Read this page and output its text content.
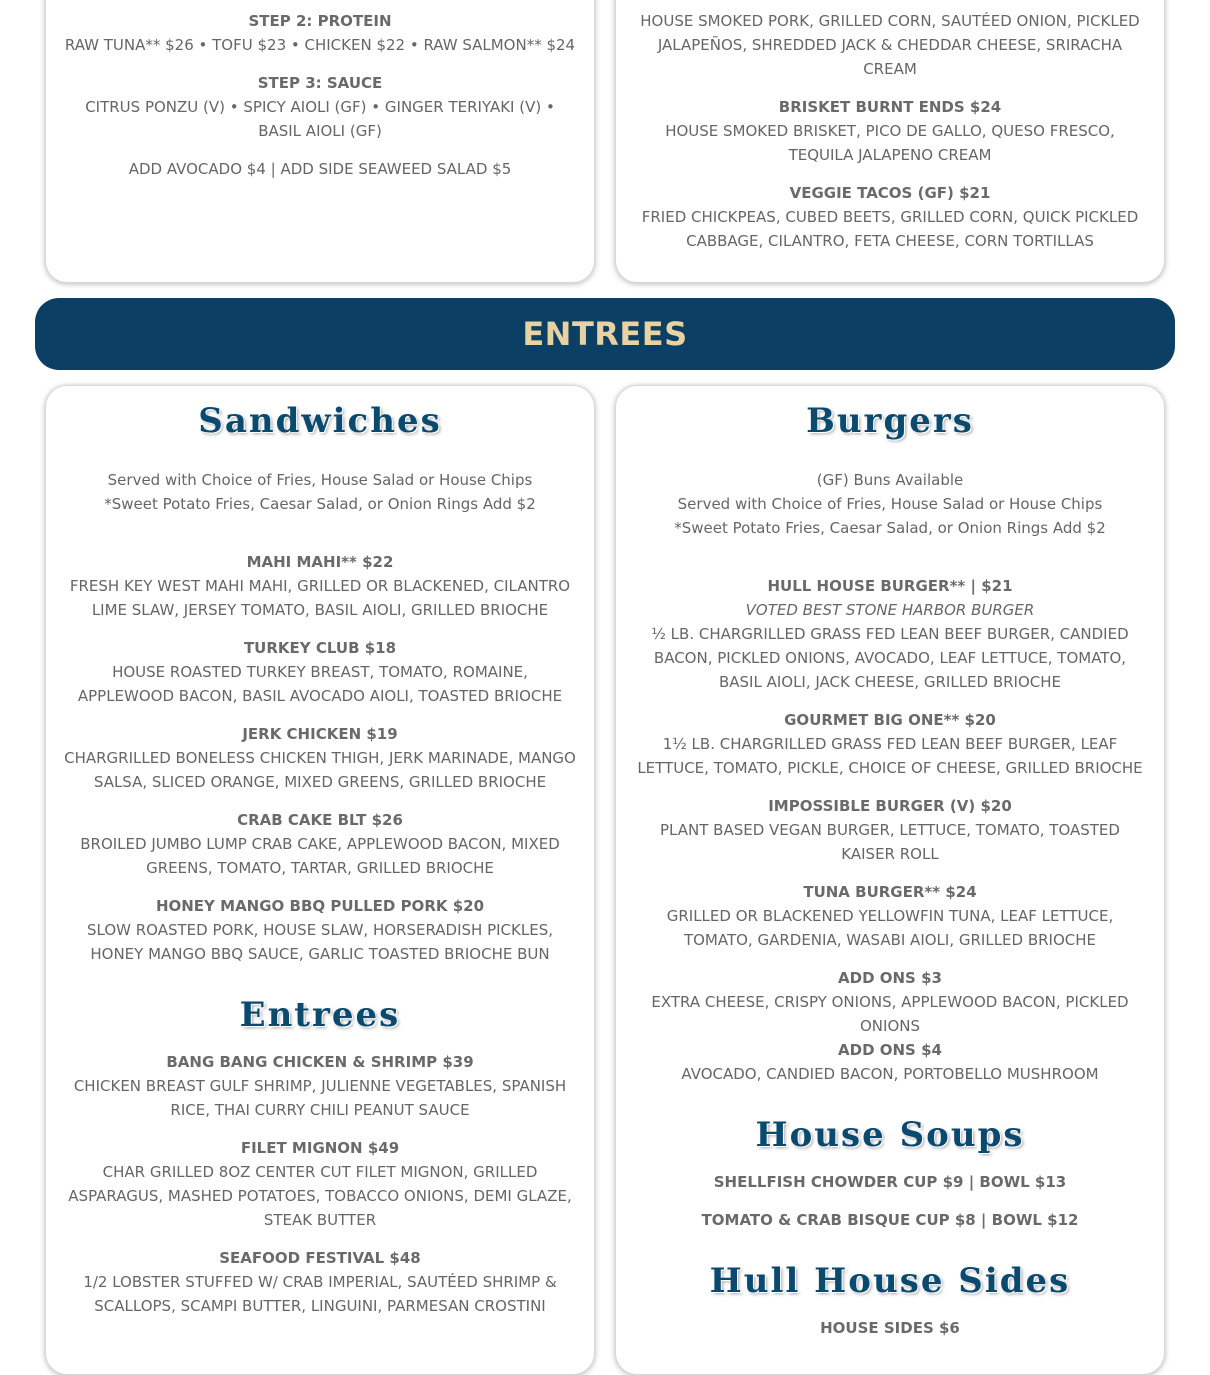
STEP 2: PROTEIN
RAW TUNA** $26 • TOFU $23 • CHICKEN $22 • RAW SALMON** $24
STEP 3: SAUCE
CITRUS PONZU (V) • SPICY AIOLI (GF) • GINGER TERIYAKI (V) • BASIL AIOLI (GF)
ADD AVOCADO $4 | ADD SIDE SEAWEED SALAD $5
HOUSE SMOKED PORK, GRILLED CORN, SAUTÉED ONION, PICKLED JALAPEÑOS, SHREDDED JACK & CHEDDAR CHEESE, SRIRACHA CREAM
BRISKET BURNT ENDS $24
HOUSE SMOKED BRISKET, PICO DE GALLO, QUESO FRESCO, TEQUILA JALAPENO CREAM
VEGGIE TACOS (GF) $21
FRIED CHICKPEAS, CUBED BEETS, GRILLED CORN, QUICK PICKLED CABBAGE, CILANTRO, FETA CHEESE, CORN TORTILLAS
ENTREES
Sandwiches

Served with Choice of Fries, House Salad or House Chips

*Sweet Potato Fries, Caesar Salad, or Onion Rings Add $2

MAHI MAHI** $22
FRESH KEY WEST MAHI MAHI, GRILLED OR BLACKENED, CILANTRO LIME SLAW, JERSEY TOMATO, BASIL AIOLI, GRILLED BRIOCHE
TURKEY CLUB $18
HOUSE ROASTED TURKEY BREAST, TOMATO, ROMAINE, APPLEWOOD BACON, BASIL AVOCADO AIOLI, TOASTED BRIOCHE
JERK CHICKEN $19
CHARGRILLED BONELESS CHICKEN THIGH, JERK MARINADE, MANGO SALSA, SLICED ORANGE, MIXED GREENS, GRILLED BRIOCHE
CRAB CAKE BLT $26
BROILED JUMBO LUMP CRAB CAKE, APPLEWOOD BACON, MIXED GREENS, TOMATO, TARTAR, GRILLED BRIOCHE
HONEY MANGO BBQ PULLED PORK $20
SLOW ROASTED PORK, HOUSE SLAW, HORSERADISH PICKLES, HONEY MANGO BBQ SAUCE, GARLIC TOASTED BRIOCHE BUN
Entrees
BANG BANG CHICKEN & SHRIMP $39
CHICKEN BREAST GULF SHRIMP, JULIENNE VEGETABLES, SPANISH RICE, THAI CURRY CHILI PEANUT SAUCE
FILET MIGNON $49
CHAR GRILLED 8OZ CENTER CUT FILET MIGNON, GRILLED ASPARAGUS, MASHED POTATOES, TOBACCO ONIONS, DEMI GLAZE, STEAK BUTTER
SEAFOOD FESTIVAL $48
1/2 LOBSTER STUFFED W/ CRAB IMPERIAL, SAUTÉED SHRIMP & SCALLOPS, SCAMPI BUTTER, LINGUINI, PARMESAN CROSTINI
Burgers

(GF) Buns Available

Served with Choice of Fries, House Salad or House Chips

*Sweet Potato Fries, Caesar Salad, or Onion Rings Add $2

HULL HOUSE BURGER** | $21
VOTED BEST STONE HARBOR BURGER
½ LB. CHARGRILLED GRASS FED LEAN BEEF BURGER, CANDIED BACON, PICKLED ONIONS, AVOCADO, LEAF LETTUCE, TOMATO, BASIL AIOLI, JACK CHEESE, GRILLED BRIOCHE
GOURMET BIG ONE** $20
1½ LB. CHARGRILLED GRASS FED LEAN BEEF BURGER, LEAF LETTUCE, TOMATO, PICKLE, CHOICE OF CHEESE, GRILLED BRIOCHE
IMPOSSIBLE BURGER (V) $20
PLANT BASED VEGAN BURGER, LETTUCE, TOMATO, TOASTED KAISER ROLL
TUNA BURGER** $24
GRILLED OR BLACKENED YELLOWFIN TUNA, LEAF LETTUCE, TOMATO, GARDENIA, WASABI AIOLI, GRILLED BRIOCHE
ADD ONS $3
EXTRA CHEESE, CRISPY ONIONS, APPLEWOOD BACON, PICKLED ONIONS
ADD ONS $4
AVOCADO, CANDIED BACON, PORTOBELLO MUSHROOM
House Soups
SHELLFISH CHOWDER CUP $9 | BOWL $13
TOMATO & CRAB BISQUE CUP $8 | BOWL $12
Hull House Sides
HOUSE SIDES $6
